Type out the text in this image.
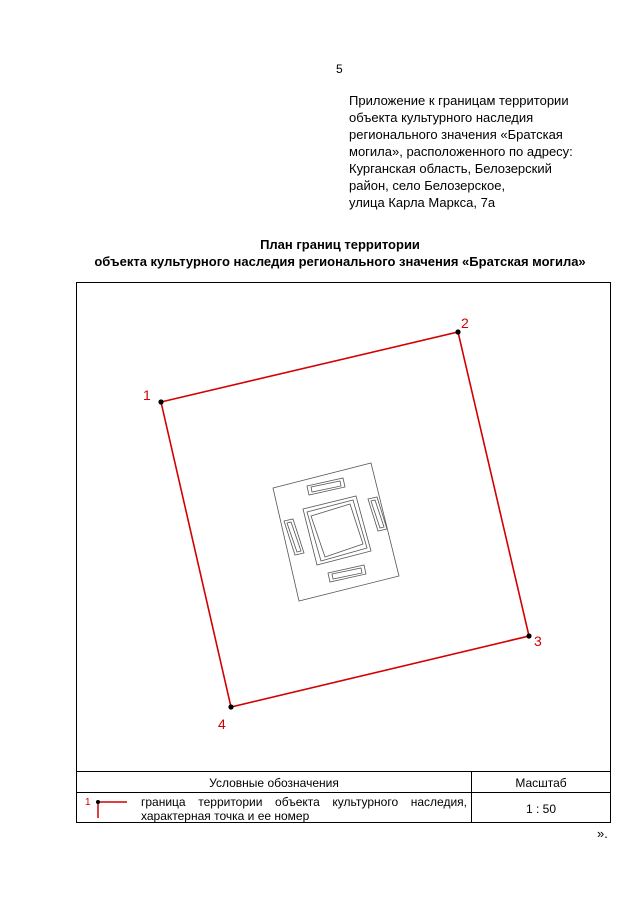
5
Приложение к границам территории
объекта культурного наследия
регионального значения «Братская
могила», расположенного по адресу:
Курганская область, Белозерский
район, село Белозерское,
улица Карла Маркса, 7а
План границ территории
объекта культурного наследия регионального значения «Братская могила»
1
2
3
4
Условные обозначения	Масштаб
1	граница территории объекта культурного наследия, характерная точка и ее номер	1 : 50
».
